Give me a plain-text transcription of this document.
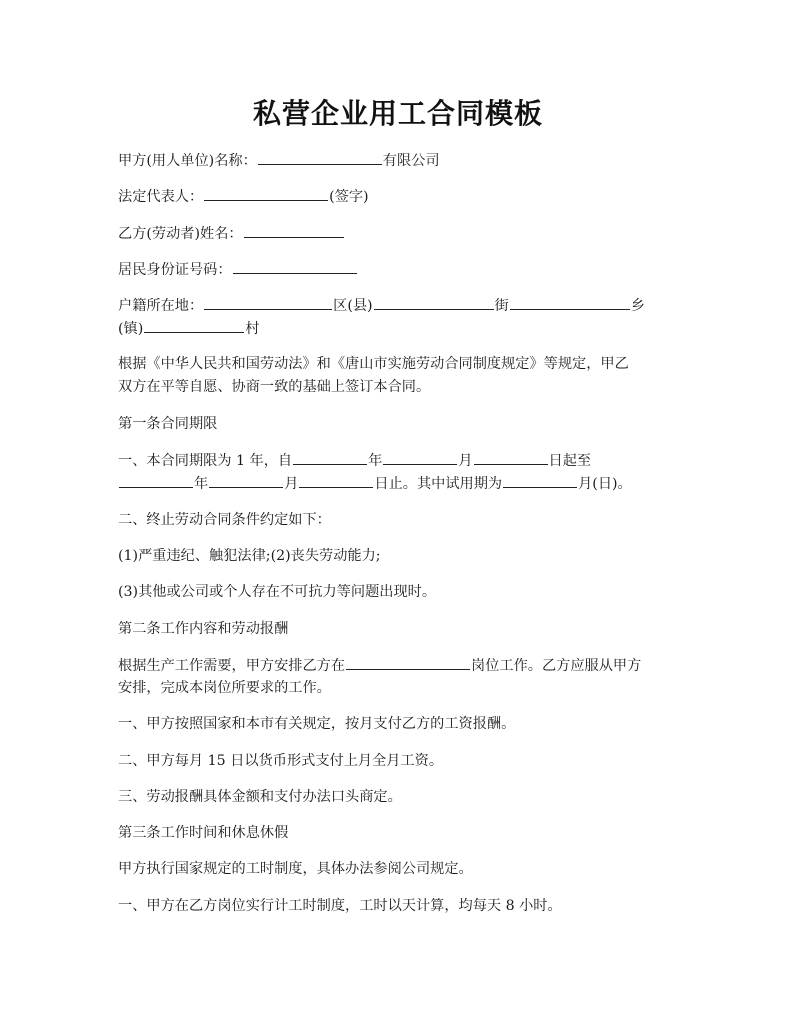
私营企业用工合同模板
甲方(用人单位)名称：	有限公司
法定代表人：	(签字)
乙方(劳动者)姓名：
居民身份证号码：
户籍所在地：	区(县)	街	乡
(镇)	村
根据《中华人民共和国劳动法》和《唐山市实施劳动合同制度规定》等规定，甲乙
双方在平等自愿、协商一致的基础上签订本合同。
第一条合同期限
一、本合同期限为 1 年，自	年	月	日起至
年	月	日止。其中试用期为	月(日)。
二、终止劳动合同条件约定如下：
(1)严重违纪、触犯法律;(2)丧失劳动能力;
(3)其他或公司或个人存在不可抗力等问题出现时。
第二条工作内容和劳动报酬
根据生产工作需要，甲方安排乙方在	岗位工作。乙方应服从甲方
安排，完成本岗位所要求的工作。
一、甲方按照国家和本市有关规定，按月支付乙方的工资报酬。
二、甲方每月 15 日以货币形式支付上月全月工资。
三、劳动报酬具体金额和支付办法口头商定。
第三条工作时间和休息休假
甲方执行国家规定的工时制度，具体办法参阅公司规定。
一、甲方在乙方岗位实行计工时制度，工时以天计算，均每天 8 小时。
